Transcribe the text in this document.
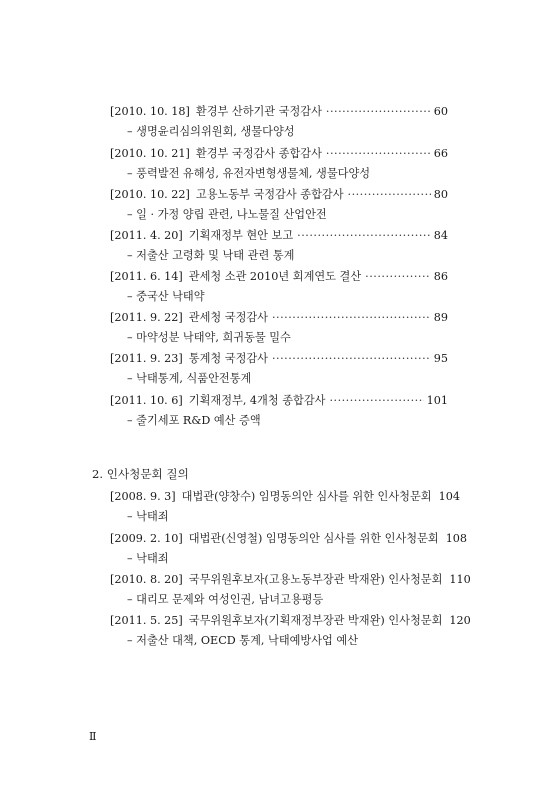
[2010. 10. 18] 환경부 산하기관 국정감사 ·····	60
– 생명윤리심의위원회, 생물다양성
[2010. 10. 21] 환경부 국정감사 종합감사 ·····	66
– 풍력발전 유해성, 유전자변형생물체, 생물다양성
[2010. 10. 22] 고용노동부 국정감사 종합감사 ·····	80
– 일 · 가정 양립 관련, 나노물질 산업안전
[2011. 4. 20] 기획재정부 현안 보고 ·····	84
– 저출산 고령화 및 낙태 관련 통계
[2011. 6. 14] 관세청 소관 2010년 회계연도 결산 ·····	86
– 중국산 낙태약
[2011. 9. 22] 관세청 국정감사 ·····	89
– 마약성분 낙태약, 희귀동물 밀수
[2011. 9. 23] 통계청 국정감사 ·····	95
– 낙태통계, 식품안전통계
[2011. 10. 6] 기획재정부, 4개청 종합감사 ·····	101
– 줄기세포 R&D 예산 증액
2. 인사청문회 질의
[2008. 9. 3] 대법관(양창수) 임명동의안 심사를 위한 인사청문회 104
– 낙태죄
[2009. 2. 10] 대법관(신영철) 임명동의안 심사를 위한 인사청문회 108
– 낙태죄
[2010. 8. 20] 국무위원후보자(고용노동부장관 박재완) 인사청문회 110
– 대리모 문제와 여성인권, 남녀고용평등
[2011. 5. 25] 국무위원후보자(기획재정부장관 박재완) 인사청문회 120
– 저출산 대책, OECD 통계, 낙태예방사업 예산
Ⅱ
